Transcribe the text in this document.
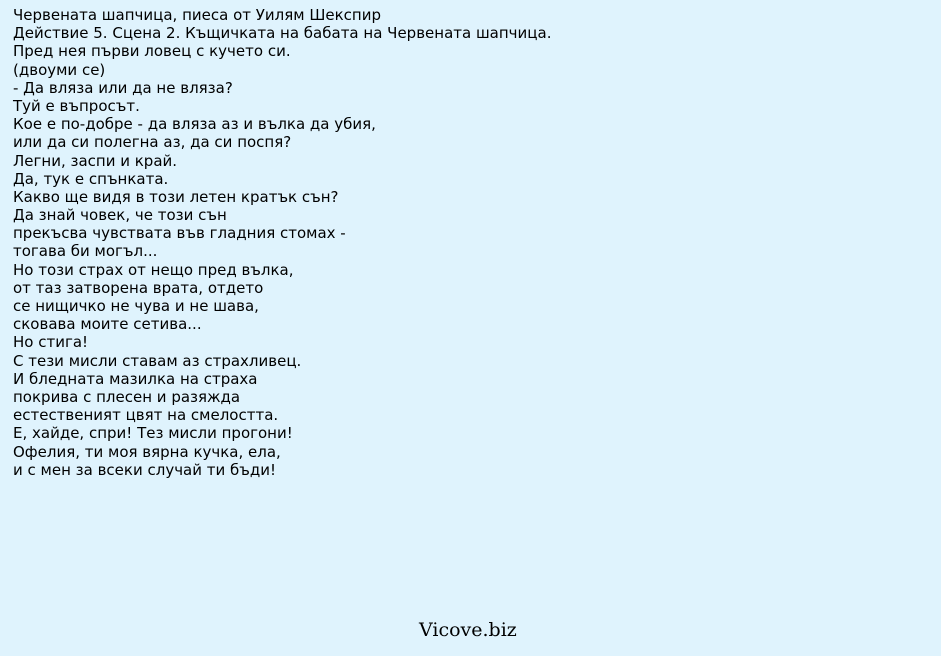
Червената шапчица, пиеса от Уилям Шекспир
Действие 5. Сцена 2. Къщичката на бабата на Червената шапчица.
Пред нея първи ловец с кучето си.
(двоуми се)
- Да вляза или да не вляза?
Туй е въпросът.
Кое е по-добре - да вляза аз и вълка да убия,
или да си полегна аз, да си поспя?
Легни, заспи и край.
Да, тук е спънката.
Какво ще видя в този летен кратък сън?
Да знай човек, че този сън
прекъсва чувствата във гладния стомах -
тогава би могъл...
Но този страх от нещо пред вълка,
от таз затворена врата, отдето
се нищичко не чува и не шава,
сковава моите сетива...
Но стига!
С тези мисли ставам аз страхливец.
И бледната мазилка на страха
покрива с плесен и разяжда
естественият цвят на смелостта.
Е, хайде, спри! Тез мисли прогони!
Офелия, ти моя вярна кучка, ела,
и с мен за всеки случай ти бъди!
Vicove.biz
